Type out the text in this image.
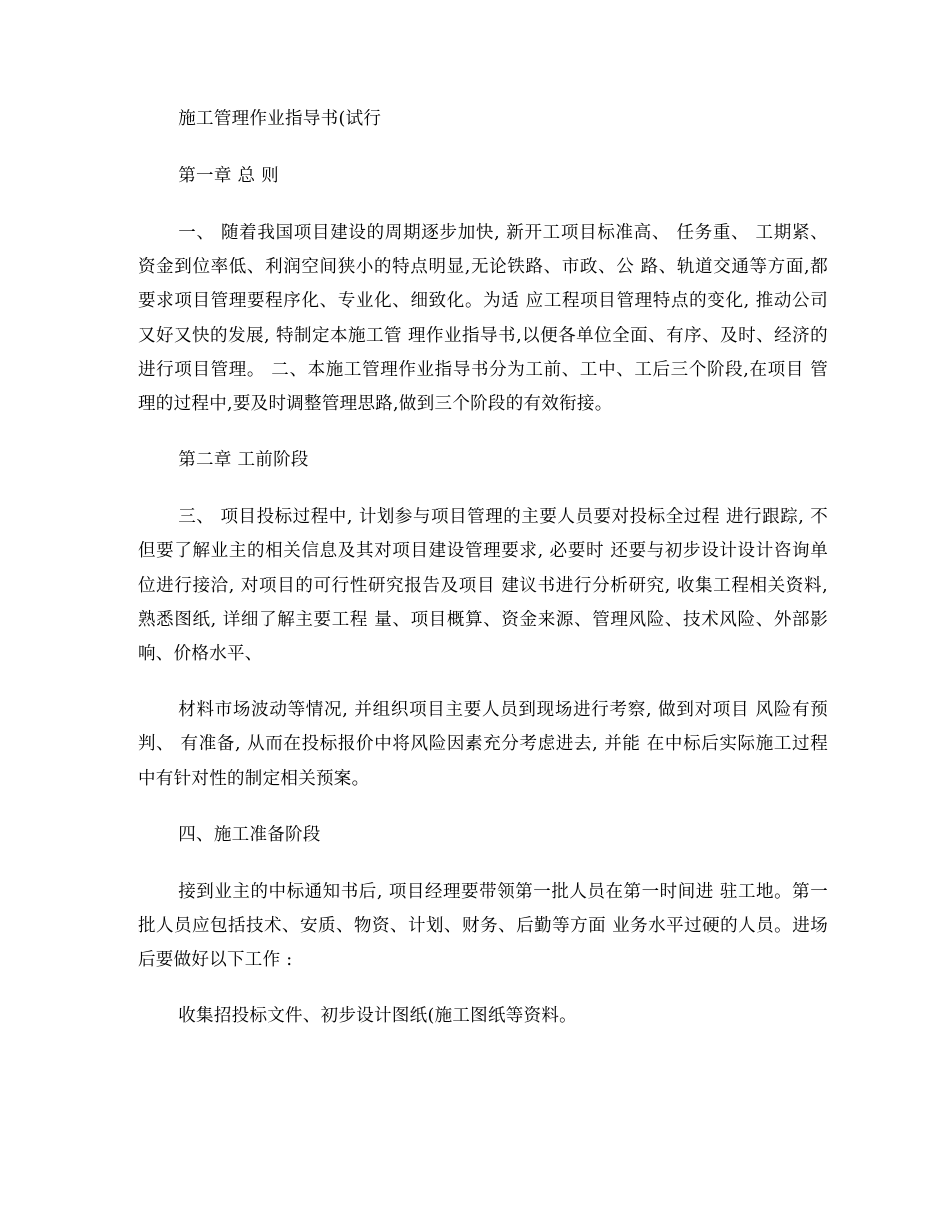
施工管理作业指导书(试行

第一章 总 则

一、 随着我国项目建设的周期逐步加快, 新开工项目标准高、 任务重、 工期紧、资金到位率低、利润空间狭小的特点明显,无论铁路、市政、公 路、轨道交通等方面,都要求项目管理要程序化、专业化、细致化。为适 应工程项目管理特点的变化, 推动公司又好又快的发展, 特制定本施工管 理作业指导书,以便各单位全面、有序、及时、经济的进行项目管理。 二、本施工管理作业指导书分为工前、工中、工后三个阶段,在项目 管理的过程中,要及时调整管理思路,做到三个阶段的有效衔接。

第二章 工前阶段

三、 项目投标过程中, 计划参与项目管理的主要人员要对投标全过程 进行跟踪, 不但要了解业主的相关信息及其对项目建设管理要求, 必要时 还要与初步设计设计咨询单位进行接洽, 对项目的可行性研究报告及项目 建议书进行分析研究, 收集工程相关资料, 熟悉图纸, 详细了解主要工程 量、项目概算、资金来源、管理风险、技术风险、外部影响、价格水平、

材料市场波动等情况, 并组织项目主要人员到现场进行考察, 做到对项目 风险有预判、 有准备, 从而在投标报价中将风险因素充分考虑进去, 并能 在中标后实际施工过程中有针对性的制定相关预案。

四、施工准备阶段

接到业主的中标通知书后, 项目经理要带领第一批人员在第一时间进 驻工地。第一批人员应包括技术、安质、物资、计划、财务、后勤等方面 业务水平过硬的人员。进场后要做好以下工作 :

收集招投标文件、初步设计图纸(施工图纸等资料。
